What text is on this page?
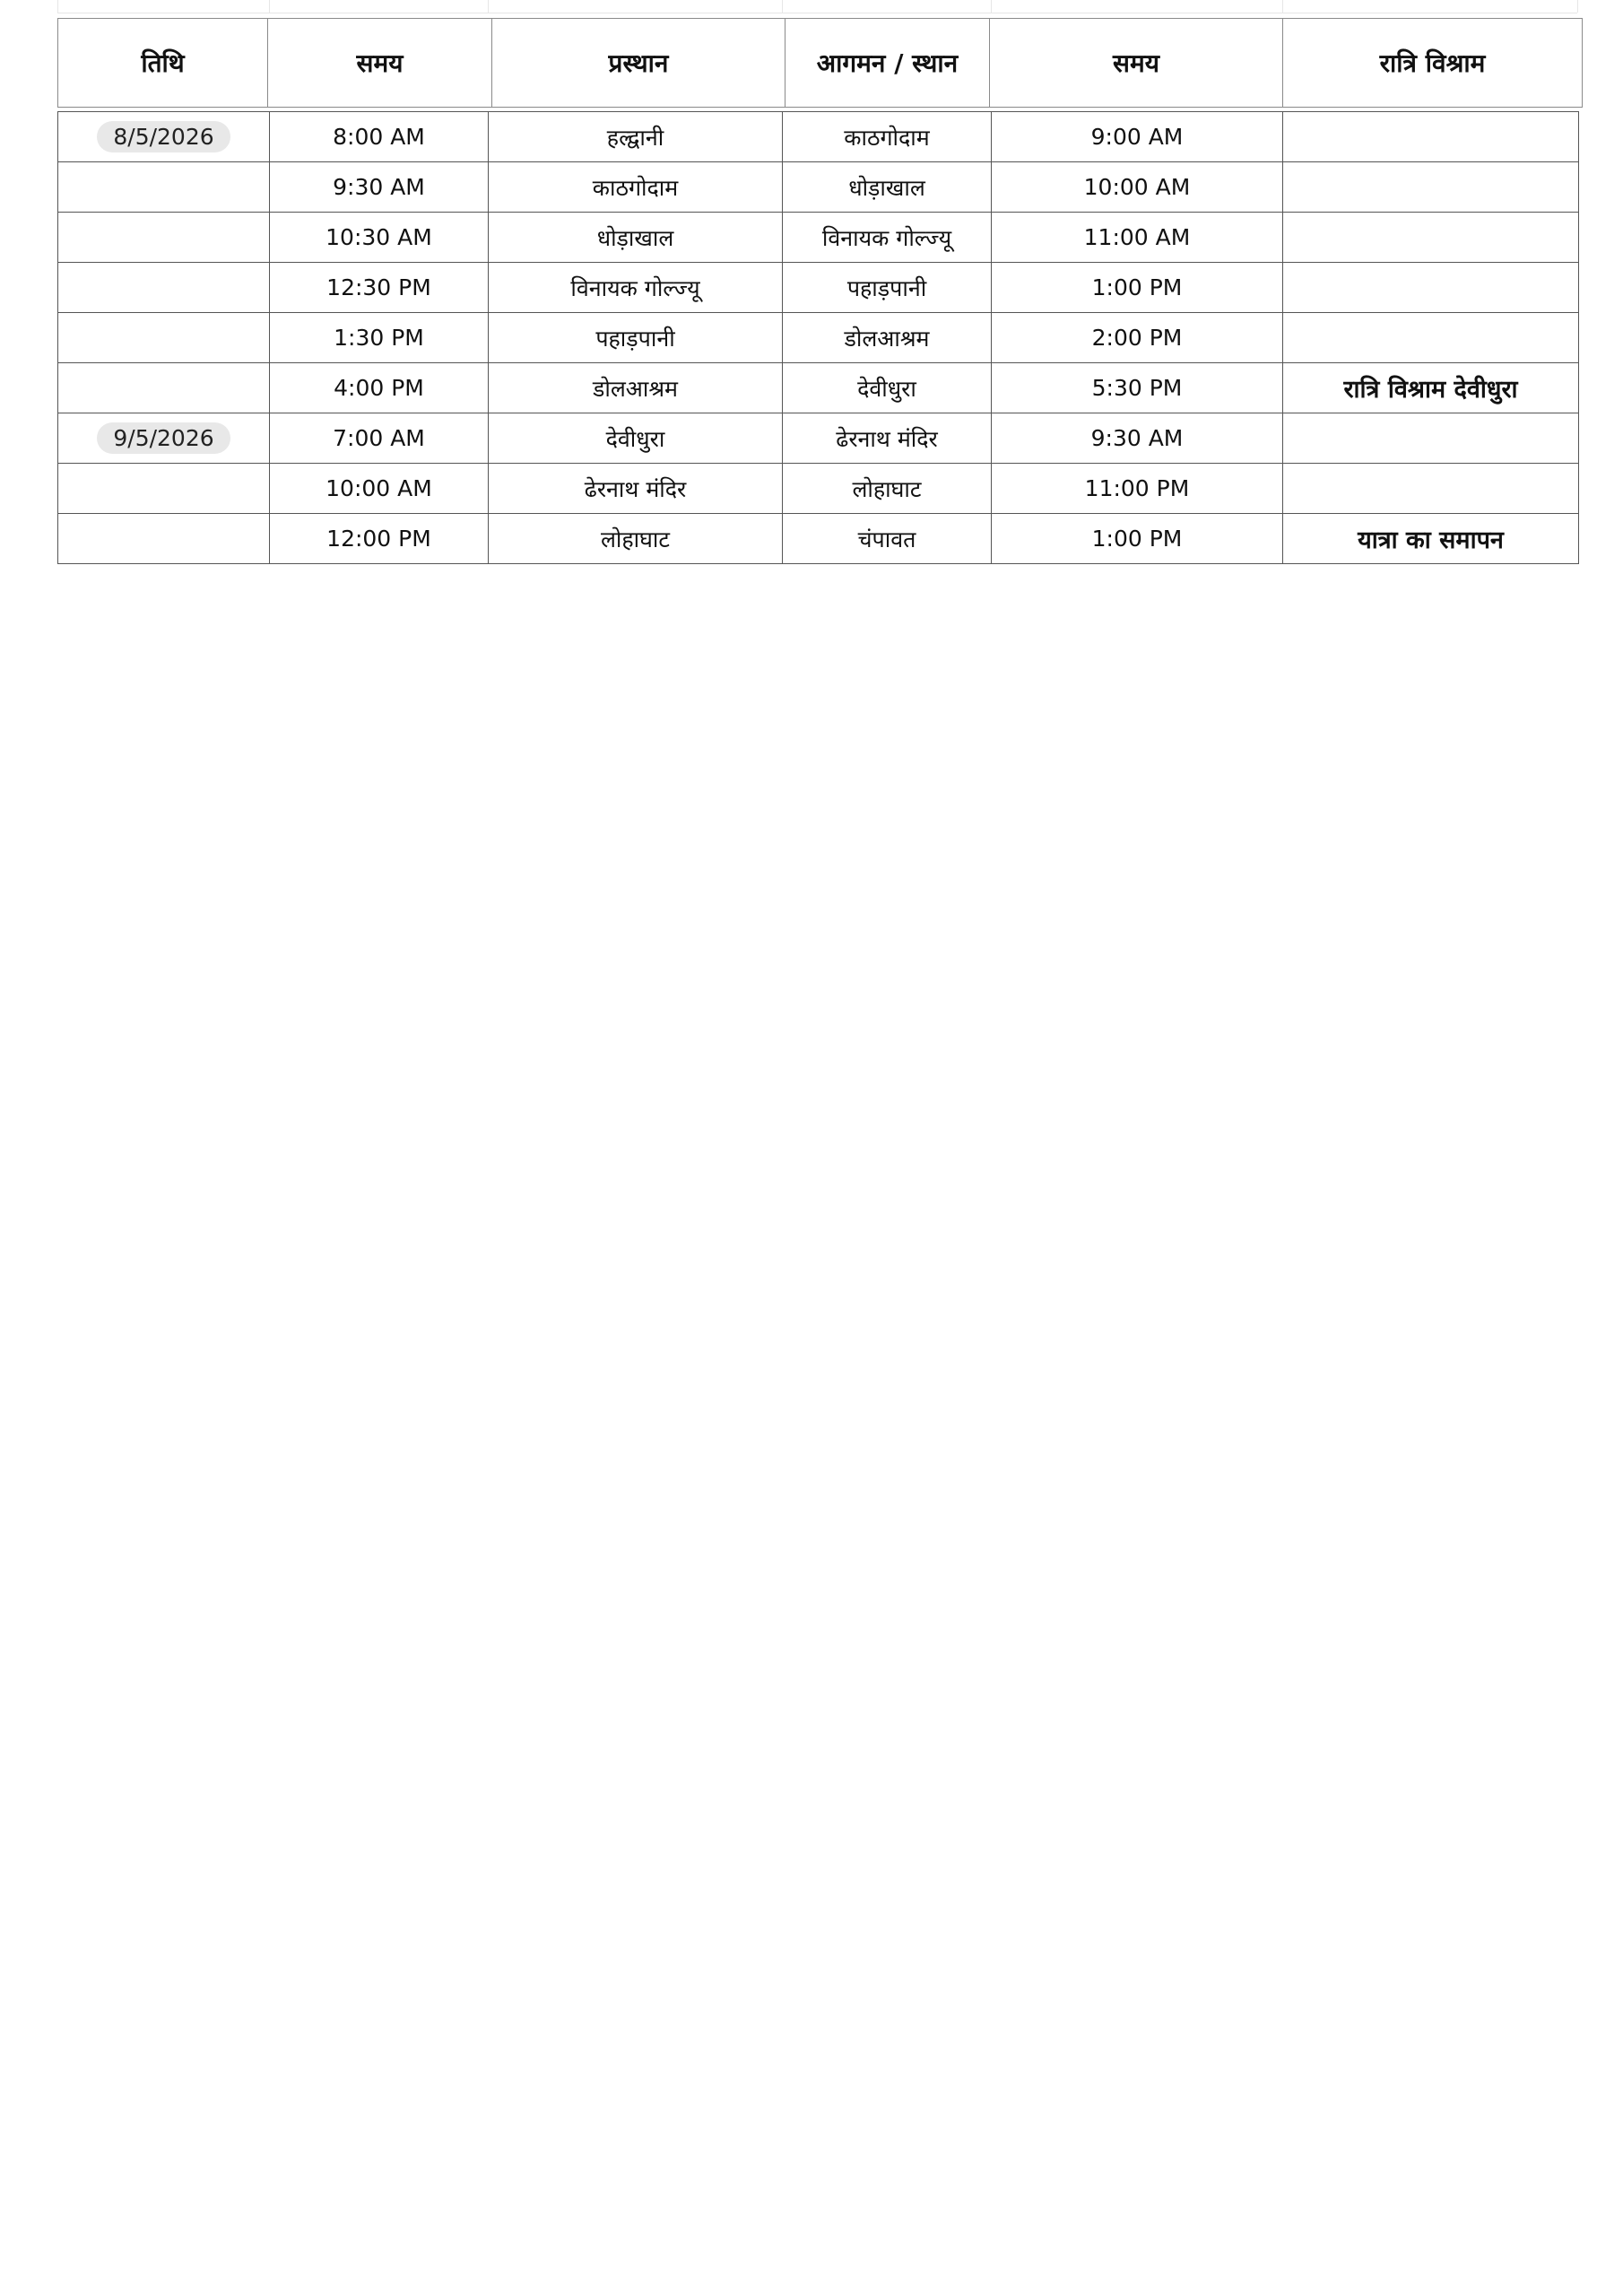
तिथि	समय	प्रस्थान	आगमन / स्थान	समय	रात्रि विश्राम
8/5/2026	8:00 AM	हल्द्वानी	काठगोदाम	9:00 AM	
	9:30 AM	काठगोदाम	धोड़ाखाल	10:00 AM	
	10:30 AM	धोड़ाखाल	विनायक गोल्ज्यू	11:00 AM	
	12:30 PM	विनायक गोल्ज्यू	पहाड़पानी	1:00 PM	
	1:30 PM	पहाड़पानी	डोलआश्रम	2:00 PM	
	4:00 PM	डोलआश्रम	देवीधुरा	5:30 PM	रात्रि विश्राम देवीधुरा
9/5/2026	7:00 AM	देवीधुरा	ढेरनाथ मंदिर	9:30 AM	
	10:00 AM	ढेरनाथ मंदिर	लोहाघाट	11:00 PM	
	12:00 PM	लोहाघाट	चंपावत	1:00 PM	यात्रा का समापन
